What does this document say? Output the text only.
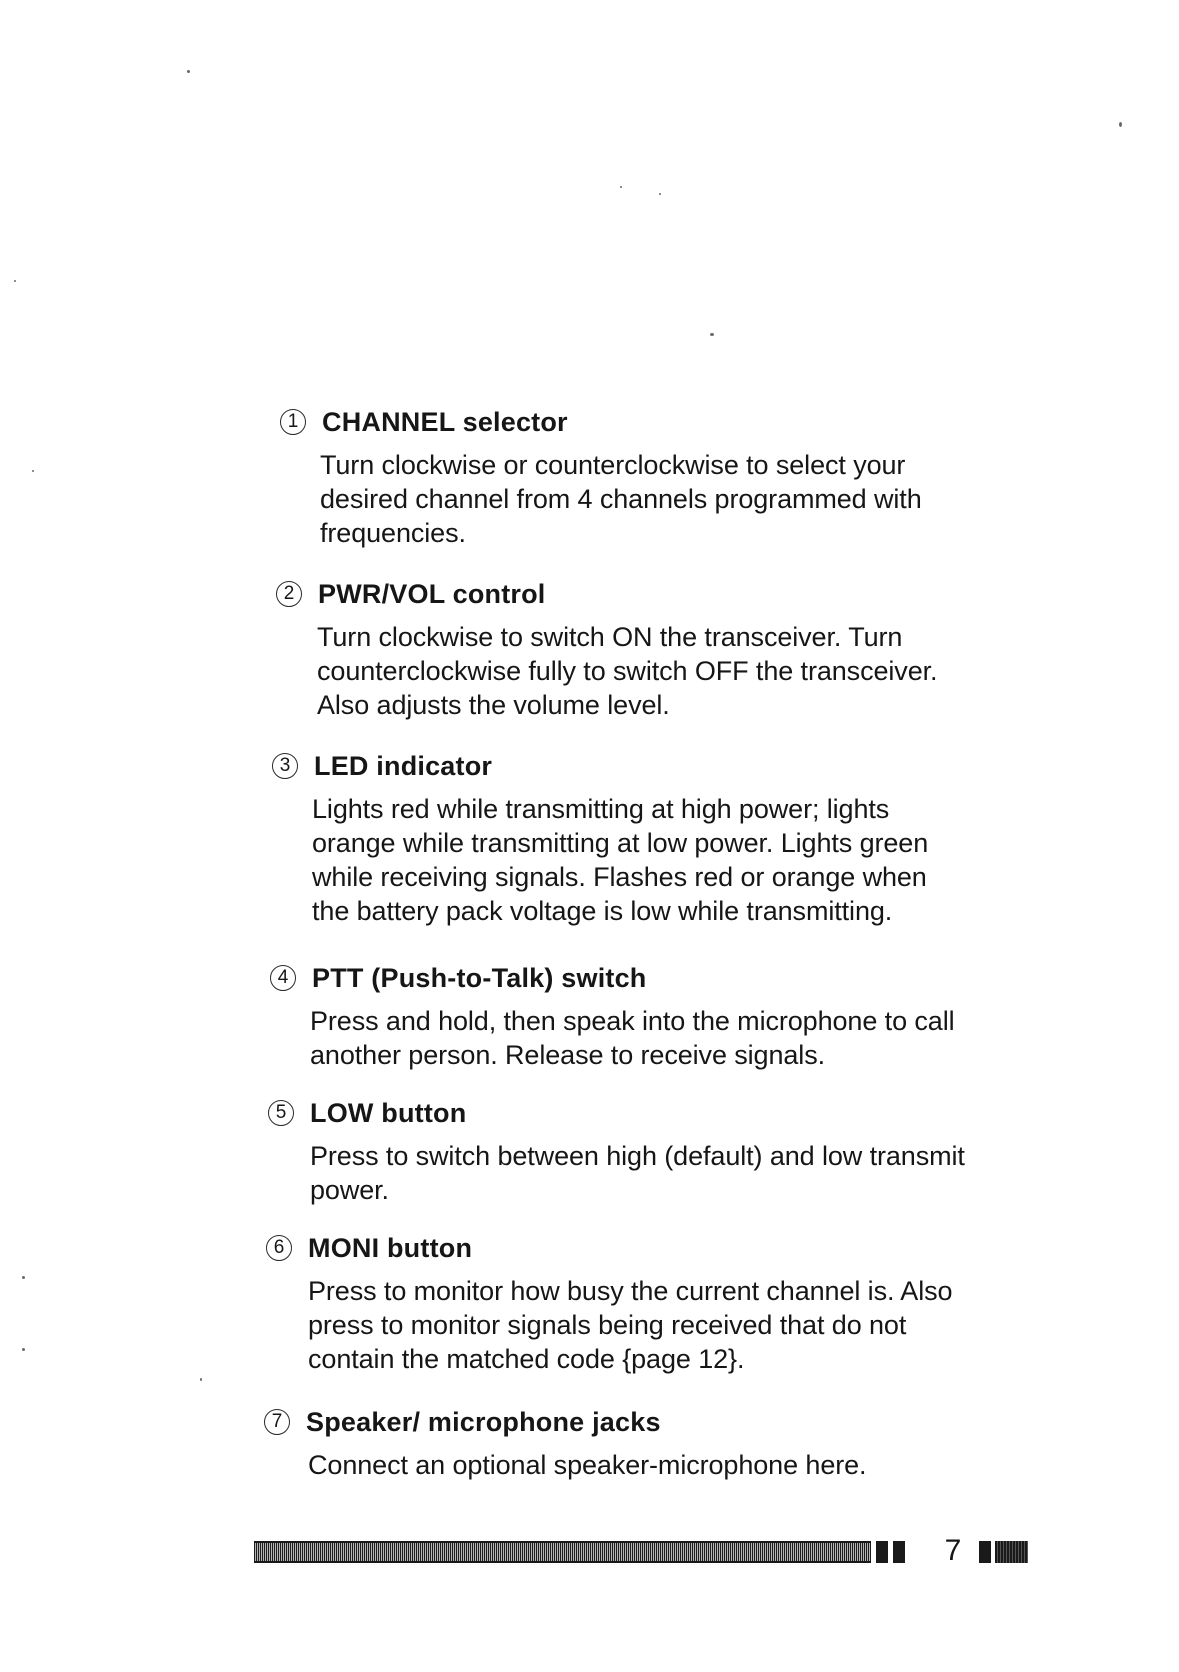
1 CHANNEL selector

Turn clockwise or counterclockwise to select your
desired channel from 4 channels programmed with
frequencies.

2 PWR/VOL control

Turn clockwise to switch ON the transceiver. Turn
counterclockwise fully to switch OFF the transceiver.
Also adjusts the volume level.

3 LED indicator

Lights red while transmitting at high power; lights
orange while transmitting at low power. Lights green
while receiving signals. Flashes red or orange when
the battery pack voltage is low while transmitting.

4 PTT (Push-to-Talk) switch

Press and hold, then speak into the microphone to call
another person. Release to receive signals.

5 LOW button

Press to switch between high (default) and low transmit
power.

6 MONI button

Press to monitor how busy the current channel is. Also
press to monitor signals being received that do not
contain the matched code {page 12}.

7 Speaker/ microphone jacks

Connect an optional speaker-microphone here.

7
